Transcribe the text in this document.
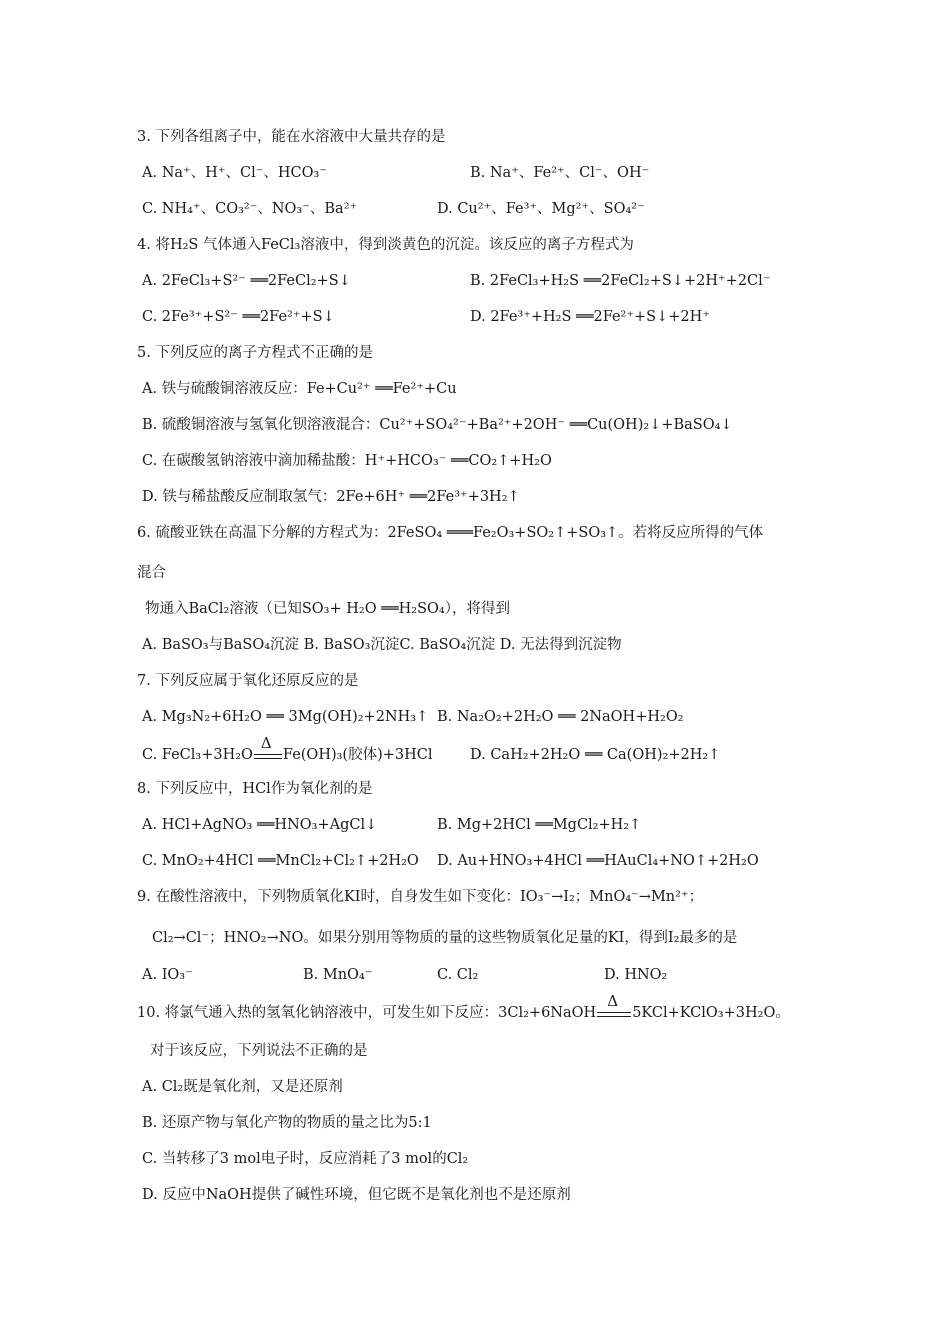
3. 下列各组离子中，能在水溶液中大量共存的是
A. Na⁺、H⁺、Cl⁻、HCO₃⁻	B. Na⁺、Fe²⁺、Cl⁻、OH⁻
C. NH₄⁺、CO₃²⁻、NO₃⁻、Ba²⁺	D. Cu²⁺、Fe³⁺、Mg²⁺、SO₄²⁻
4. 将H₂S 气体通入FeCl₃溶液中，得到淡黄色的沉淀。该反应的离子方程式为
A. 2FeCl₃+S²⁻ ══2FeCl₂+S↓	B. 2FeCl₃+H₂S ══2FeCl₂+S↓+2H⁺+2Cl⁻
C. 2Fe³⁺+S²⁻ ══2Fe²⁺+S↓	D. 2Fe³⁺+H₂S ══2Fe²⁺+S↓+2H⁺
5. 下列反应的离子方程式不正确的是
A. 铁与硫酸铜溶液反应：Fe+Cu²⁺ ══Fe²⁺+Cu
B. 硫酸铜溶液与氢氧化钡溶液混合：Cu²⁺+SO₄²⁻+Ba²⁺+2OH⁻ ══Cu(OH)₂↓+BaSO₄↓
C. 在碳酸氢钠溶液中滴加稀盐酸：H⁺+HCO₃⁻ ══CO₂↑+H₂O
D. 铁与稀盐酸反应制取氢气：2Fe+6H⁺ ══2Fe³⁺+3H₂↑
6. 硫酸亚铁在高温下分解的方程式为：2FeSO₄ ═══Fe₂O₃+SO₂↑+SO₃↑。若将反应所得的气体
混合
物通入BaCl₂溶液（已知SO₃+ H₂O ══H₂SO₄），将得到
A. BaSO₃与BaSO₄沉淀 B. BaSO₃沉淀C. BaSO₄沉淀 D. 无法得到沉淀物
7. 下列反应属于氧化还原反应的是
A. Mg₃N₂+6H₂O ══ 3Mg(OH)₂+2NH₃↑ B. Na₂O₂+2H₂O ══ 2NaOH+H₂O₂
C. FeCl₃+3H₂O
Δ
Fe(OH)₃(胶体)+3HCl	D. CaH₂+2H₂O ══ Ca(OH)₂+2H₂↑
8. 下列反应中，HCl作为氧化剂的是
A. HCl+AgNO₃ ══HNO₃+AgCl↓	B. Mg+2HCl ══MgCl₂+H₂↑
C. MnO₂+4HCl ══MnCl₂+Cl₂↑+2H₂O D. Au+HNO₃+4HCl ══HAuCl₄+NO↑+2H₂O
9. 在酸性溶液中，下列物质氧化KI时，自身发生如下变化：IO₃⁻→I₂；MnO₄⁻→Mn²⁺；
Cl₂→Cl⁻；HNO₂→NO。如果分别用等物质的量的这些物质氧化足量的KI，得到I₂最多的是
A. IO₃⁻	B. MnO₄⁻	C. Cl₂	D. HNO₂
10. 将氯气通入热的氢氧化钠溶液中，可发生如下反应：3Cl₂+6NaOH
Δ
5KCl+KClO₃+3H₂O。
对于该反应，下列说法不正确的是
A. Cl₂既是氧化剂，又是还原剂
B. 还原产物与氧化产物的物质的量之比为5:1
C. 当转移了3 mol电子时，反应消耗了3 mol的Cl₂
D. 反应中NaOH提供了碱性环境，但它既不是氧化剂也不是还原剂
